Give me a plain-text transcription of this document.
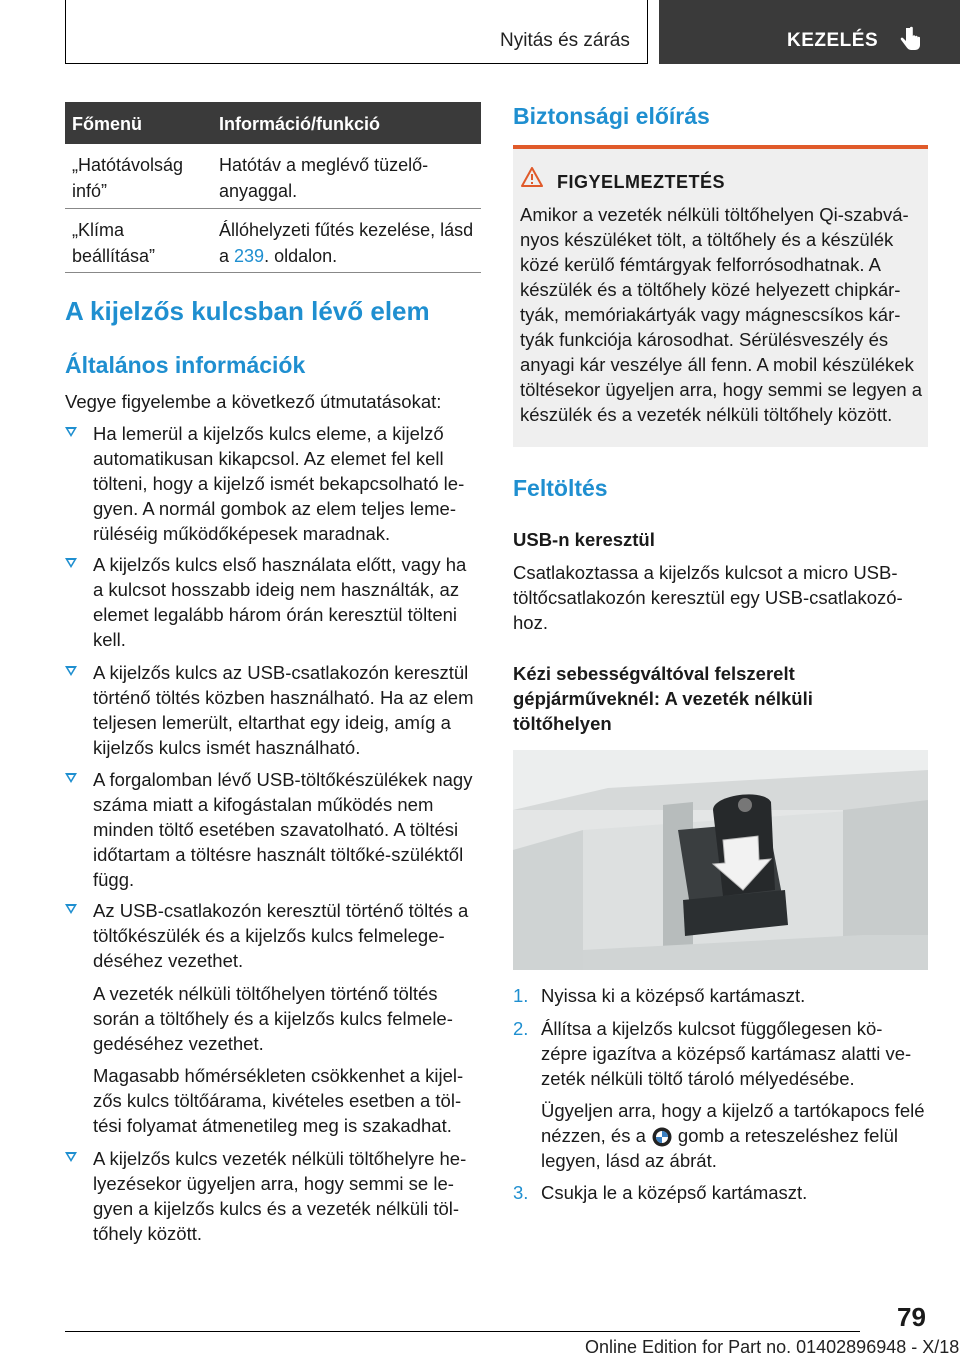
Nyitás és zárás	KEZELÉS
Főmenü	Információ/funkció
„Hatótávolság infó”
Hatótáv a meglévő tüzelő-anyaggal.
„Klíma beállítása”
Állóhelyzeti fűtés kezelése, lásd a 239. oldalon.
A kijelzős kulcsban lévő elem
Általános információk

Vegye figyelembe a következő útmutatásokat:

Ha lemerül a kijelzős kulcs eleme, a kijelző automatikusan kikapcsol. Az elemet fel kell tölteni, hogy a kijelző ismét bekapcsolható le-gyen. A normál gombok az elem teljes leme-rüléséig működőképesek maradnak.
A kijelzős kulcs első használata előtt, vagy ha a kulcsot hosszabb ideig nem használták, az elemet legalább három órán keresztül tölteni kell.
A kijelzős kulcs az USB-csatlakozón keresztül történő töltés közben használható. Ha az elem teljesen lemerült, eltarthat egy ideig, amíg a kijelzős kulcs ismét használható.
A forgalomban lévő USB-töltőkészülékek nagy száma miatt a kifogástalan működés nem minden töltő esetében szavatolható. A töltési időtartam a töltésre használt töltőké-szüléktől függ.
Az USB-csatlakozón keresztül történő töltés a töltőkészülék és a kijelzős kulcs felmelege-déséhez vezethet.
A vezeték nélküli töltőhelyen történő töltés során a töltőhely és a kijelzős kulcs felmele-gedéséhez vezethet.
Magasabb hőmérsékleten csökkenhet a kijel-zős kulcs töltőárama, kivételes esetben a töl-tési folyamat átmenetileg meg is szakadhat.
A kijelzős kulcs vezeték nélküli töltőhelyre he-lyezésekor ügyeljen arra, hogy semmi se le-gyen a kijelzős kulcs és a vezeték nélküli töl-tőhely között.
Biztonsági előírás
FIGYELMEZTETÉS
Amikor a vezeték nélküli töltőhelyen Qi-szabvá-nyos készüléket tölt, a töltőhely és a készülék közé kerülő fémtárgyak felforrósodhatnak. A készülék és a töltőhely közé helyezett chipkár-tyák, memóriakártyák vagy mágnescsíkos kár-tyák funkciója károsodhat. Sérülésveszély és anyagi kár veszélye áll fenn. A mobil készülékek töltésekor ügyeljen arra, hogy semmi se legyen a készülék és a vezeték nélküli töltőhely között.
Feltöltés
USB-n keresztül

Csatlakoztassa a kijelzős kulcsot a micro USB-töltőcsatlakozón keresztül egy USB-csatlakozó-hoz.

Kézi sebességváltóval felszerelt gépjárműveknél: A vezeték nélküli töltőhelyen
1. Nyissa ki a középső kartámaszt.
2. Állítsa a kijelzős kulcsot függőlegesen kö-zépre igazítva a középső kartámasz alatti ve-zeték nélküli töltő tároló mélyedésébe.
Ügyeljen arra, hogy a kijelző a tartókapocs felé nézzen, és a gomb a reteszeléshez felül legyen, lásd az ábrát.
3. Csukja le a középső kartámaszt.
79
Online Edition for Part no. 01402896948 - X/18
